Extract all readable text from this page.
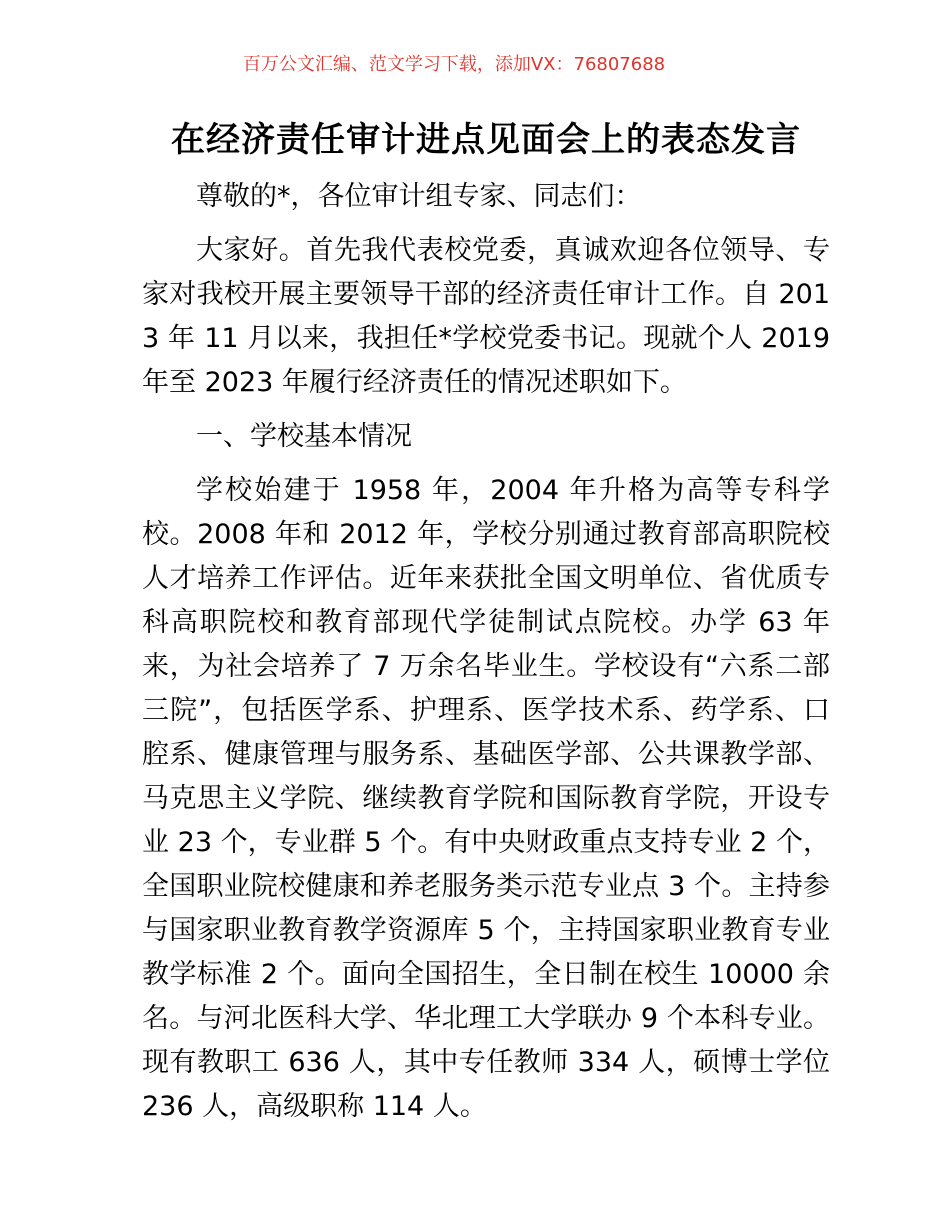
百万公文汇编、范文学习下载，添加VX：76807688
在经济责任审计进点见面会上的表态发言

尊敬的*，各位审计组专家、同志们：

大家好。首先我代表校党委，真诚欢迎各位领导、专家对我校开展主要领导干部的经济责任审计工作。自 2013 年 11 月以来，我担任*学校党委书记。现就个人 2019 年至 2023 年履行经济责任的情况述职如下。

一、学校基本情况

学校始建于 1958 年，2004 年升格为高等专科学校。2008 年和 2012 年，学校分别通过教育部高职院校人才培养工作评估。近年来获批全国文明单位、省优质专科高职院校和教育部现代学徒制试点院校。办学 63 年来，为社会培养了 7 万余名毕业生。学校设有“六系二部三院”，包括医学系、护理系、医学技术系、药学系、口腔系、健康管理与服务系、基础医学部、公共课教学部、马克思主义学院、继续教育学院和国际教育学院，开设专业 23 个，专业群 5 个。有中央财政重点支持专业 2 个，全国职业院校健康和养老服务类示范专业点 3 个。主持参与国家职业教育教学资源库 5 个，主持国家职业教育专业教学标准 2 个。面向全国招生，全日制在校生 10000 余名。与河北医科大学、华北理工大学联办 9 个本科专业。现有教职工 636 人，其中专任教师 334 人，硕博士学位 236 人，高级职称 114 人。
